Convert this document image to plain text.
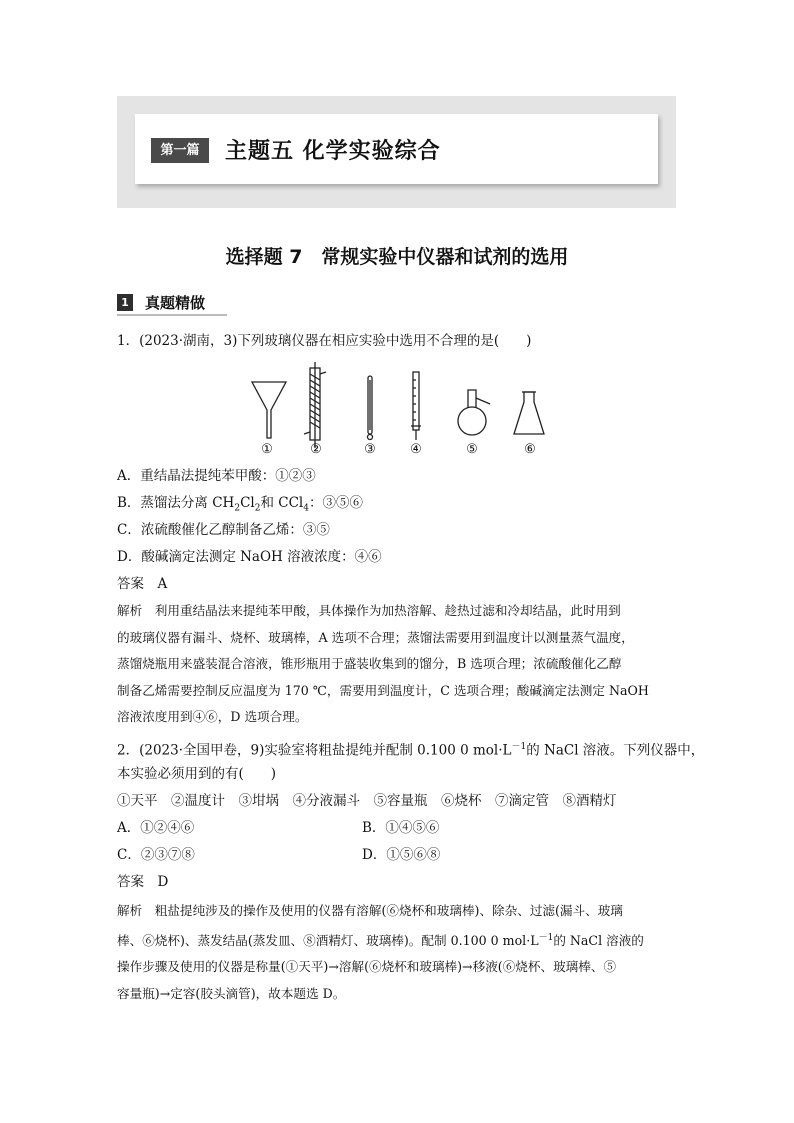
第一篇	主题五 化学实验综合
选择题 7　常规实验中仪器和试剂的选用
1 真题精做
1．(2023·湖南，3)下列玻璃仪器在相应实验中选用不合理的是(　　)
①	②	③	④	⑤	⑥
A．重结晶法提纯苯甲酸：①②③
B．蒸馏法分离 $CH_2Cl_2$和 CCl$_4$：③⑤⑥
C．浓硫酸催化乙醇制备乙烯：③⑤
D．酸碱滴定法测定 NaOH 溶液浓度：④⑥
答案　A
解析　利用重结晶法来提纯苯甲酸，具体操作为加热溶解、趁热过滤和冷却结晶，此时用到
的玻璃仪器有漏斗、烧杯、玻璃棒，A 选项不合理；蒸馏法需要用到温度计以测量蒸气温度，
蒸馏烧瓶用来盛装混合溶液，锥形瓶用于盛装收集到的馏分，B 选项合理；浓硫酸催化乙醇
制备乙烯需要控制反应温度为 170 ℃，需要用到温度计，C 选项合理；酸碱滴定法测定 NaOH
溶液浓度用到④⑥，D 选项合理。
2．(2023·全国甲卷，9)实验室将粗盐提纯并配制 0.100 0 $mol\cdot L^{-1}$的 NaCl 溶液。下列仪器中，
本实验必须用到的有(　　)
①天平　②温度计　③坩埚　④分液漏斗　⑤容量瓶　⑥烧杯　⑦滴定管　⑧酒精灯
A．①②④⑥	B．①④⑤⑥
C．②③⑦⑧	D．①⑤⑥⑧
答案　D
解析　粗盐提纯涉及的操作及使用的仪器有溶解(⑥烧杯和玻璃棒)、除杂、过滤(漏斗、玻璃
棒、⑥烧杯)、蒸发结晶(蒸发皿、⑧酒精灯、玻璃棒)。配制 0.100 0 $mol\cdot L^{-1}$的 NaCl 溶液的
操作步骤及使用的仪器是称量(①天平)→溶解(⑥烧杯和玻璃棒)→移液(⑥烧杯、玻璃棒、⑤
容量瓶)→定容(胶头滴管)，故本题选 D。
